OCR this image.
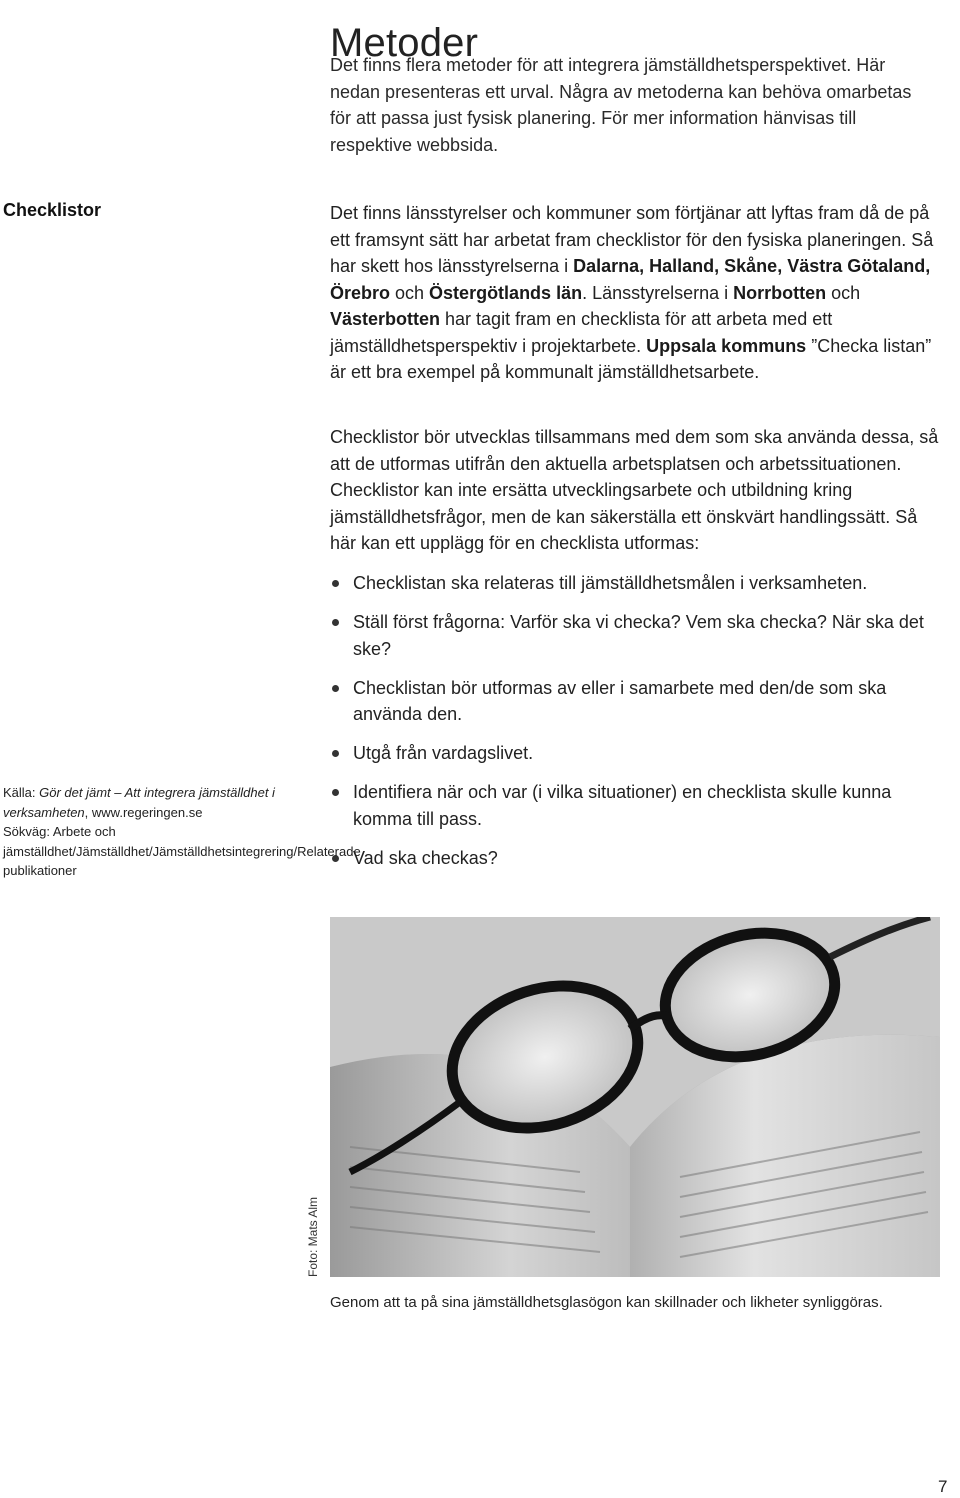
Metoder
Det finns flera metoder för att integrera jämställdhetsperspektivet. Här nedan presenteras ett urval. Några av metoderna kan behöva omarbetas för att passa just fysisk planering. För mer information hänvisas till respektive webbsida.
Checklistor	Det finns länsstyrelser och kommuner som förtjänar att lyftas fram då de på ett framsynt sätt har arbetat fram checklistor för den fysiska planeringen. Så har skett hos länsstyrelserna i Dalarna, Halland, Skåne, Västra Götaland, Örebro och Östergötlands län. Länsstyrelserna i Norrbotten och Västerbotten har tagit fram en checklista för att arbeta med ett jämställdhetsperspektiv i projektarbete. Uppsala kommuns ”Checka listan” är ett bra exempel på kommunalt jämställdhetsarbete.
Checklistor bör utvecklas tillsammans med dem som ska använda dessa, så att de utformas utifrån den aktuella arbetsplatsen och arbetssituationen. Checklistor kan inte ersätta utvecklingsarbete och utbildning kring jämställdhetsfrågor, men de kan säkerställa ett önskvärt handlingssätt. Så här kan ett upplägg för en checklista utformas:
Checklistan ska relateras till jämställdhetsmålen i verksamheten.
Ställ först frågorna: Varför ska vi checka? Vem ska checka? När ska det ske?
Checklistan bör utformas av eller i samarbete med den/de som ska använda den.
Utgå från vardagslivet.
Identifiera när och var (i vilka situationer) en checklista skulle kunna komma till pass.
Vad ska checkas?
Källa: Gör det jämt – Att integrera jämställdhet i verksamheten, www.regeringen.se
Sökväg: Arbete och jämställdhet/Jämställdhet/Jämställdhetsintegrering/Relaterade publikationer
Foto: Mats Alm
Genom att ta på sina jämställdhetsglasögon kan skillnader och likheter synliggöras.
7
